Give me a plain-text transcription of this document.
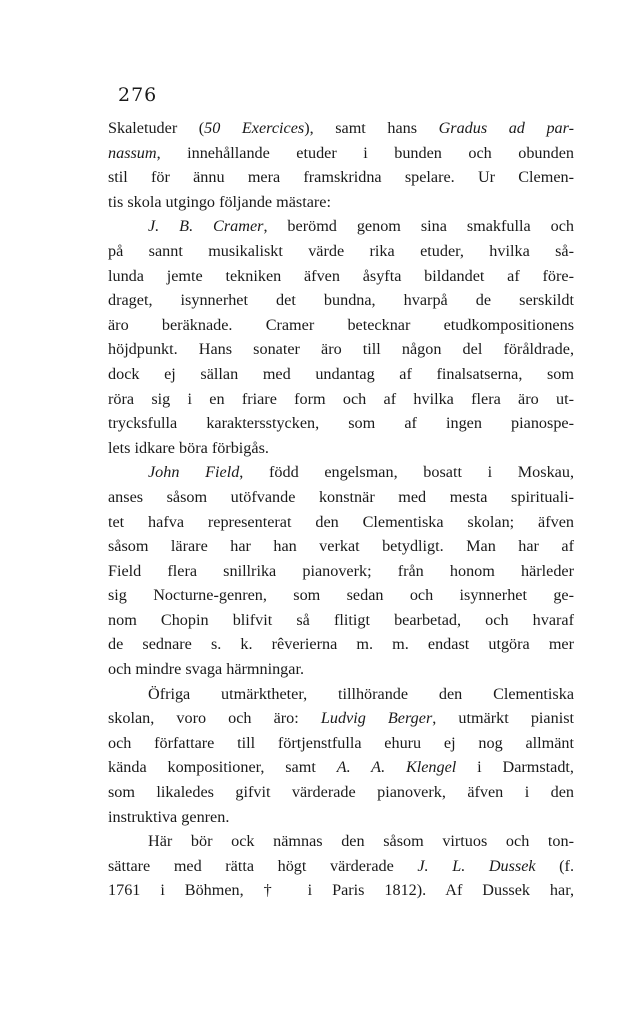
276
Skaletuder (50 Exercices), samt hans Gradus ad par-
nassum, innehållande etuder i bunden och obunden
stil för ännu mera framskridna spelare. Ur Clemen-
tis skola utgingo följande mästare:
J. B. Cramer, berömd genom sina smakfulla och
på sannt musikaliskt värde rika etuder, hvilka så-
lunda jemte tekniken äfven åsyfta bildandet af före-
draget, isynnerhet det bundna, hvarpå de serskildt
äro beräknade. Cramer betecknar etudkompositionens
höjdpunkt. Hans sonater äro till någon del föråldrade,
dock ej sällan med undantag af finalsatserna, som
röra sig i en friare form och af hvilka flera äro ut-
trycksfulla karaktersstycken, som af ingen pianospe-
lets idkare böra förbigås.
John Field, född engelsman, bosatt i Moskau,
anses såsom utöfvande konstnär med mesta spirituali-
tet hafva representerat den Clementiska skolan; äfven
såsom lärare har han verkat betydligt. Man har af
Field flera snillrika pianoverk; från honom härleder
sig Nocturne-genren, som sedan och isynnerhet ge-
nom Chopin blifvit så flitigt bearbetad, och hvaraf
de sednare s. k. rêverierna m. m. endast utgöra mer
och mindre svaga härmningar.
Öfriga utmärktheter, tillhörande den Clementiska
skolan, voro och äro: Ludvig Berger, utmärkt pianist
och författare till förtjenstfulla ehuru ej nog allmänt
kända kompositioner, samt A. A. Klengel i Darmstadt,
som likaledes gifvit värderade pianoverk, äfven i den
instruktiva genren.
Här bör ock nämnas den såsom virtuos och ton-
sättare med rätta högt värderade J. L. Dussek (f.
1761 i Böhmen, † i Paris 1812). Af Dussek har,
